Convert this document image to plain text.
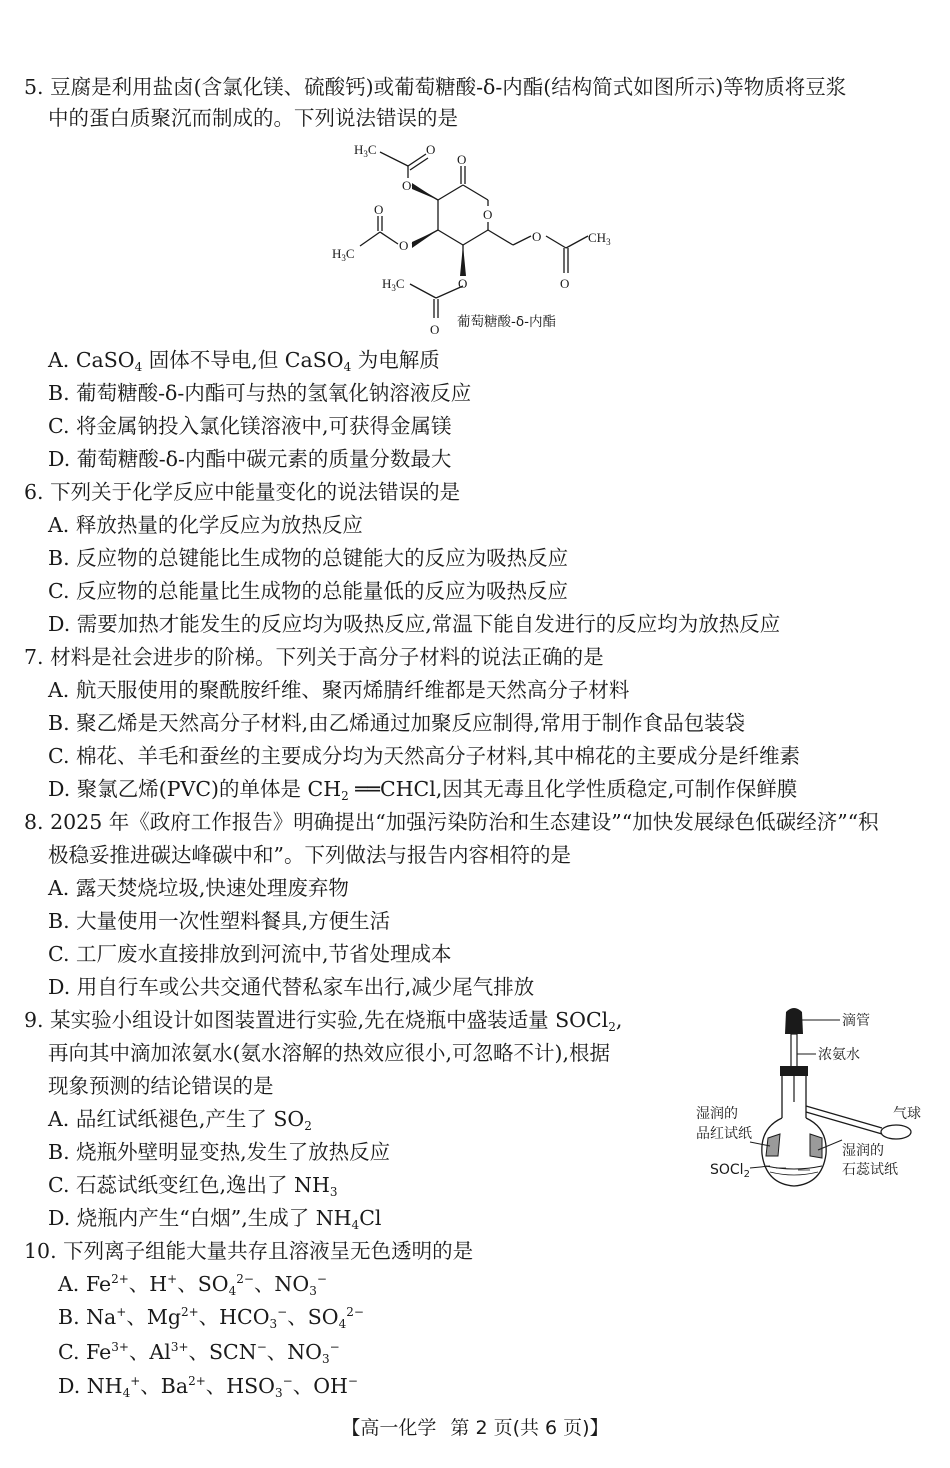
5. 豆腐是利用盐卤(含氯化镁、硫酸钙)或葡萄糖酸-δ-内酯(结构简式如图所示)等物质将豆浆
中的蛋白质聚沉而制成的。下列说法错误的是
O
O
$H_3C$	O
O
O
O
$H_3C$
O	$CH_3$
O
O
$H_3C$
O 葡萄糖酸-δ-内酯
A. CaSO$_4$ 固体不导电,但 CaSO$_4$ 为电解质
B. 葡萄糖酸-δ-内酯可与热的氢氧化钠溶液反应
C. 将金属钠投入氯化镁溶液中,可获得金属镁
D. 葡萄糖酸-δ-内酯中碳元素的质量分数最大
6. 下列关于化学反应中能量变化的说法错误的是
A. 释放热量的化学反应为放热反应
B. 反应物的总键能比生成物的总键能大的反应为吸热反应
C. 反应物的总能量比生成物的总能量低的反应为吸热反应
D. 需要加热才能发生的反应均为吸热反应,常温下能自发进行的反应均为放热反应
7. 材料是社会进步的阶梯。下列关于高分子材料的说法正确的是
A. 航天服使用的聚酰胺纤维、聚丙烯腈纤维都是天然高分子材料
B. 聚乙烯是天然高分子材料,由乙烯通过加聚反应制得,常用于制作食品包装袋
C. 棉花、羊毛和蚕丝的主要成分均为天然高分子材料,其中棉花的主要成分是纤维素
D. 聚氯乙烯(PVC)的单体是 $CH_2$ ══CHCl,因其无毒且化学性质稳定,可制作保鲜膜
8. 2025 年《政府工作报告》明确提出“加强污染防治和生态建设”“加快发展绿色低碳经济”“积
极稳妥推进碳达峰碳中和”。下列做法与报告内容相符的是
A. 露天焚烧垃圾,快速处理废弃物
B. 大量使用一次性塑料餐具,方便生活
C. 工厂废水直接排放到河流中,节省处理成本
D. 用自行车或公共交通代替私家车出行,减少尾气排放
9. 某实验小组设计如图装置进行实验,先在烧瓶中盛装适量 SOCl$_2$,
再向其中滴加浓氨水(氨水溶解的热效应很小,可忽略不计),根据
现象预测的结论错误的是
A. 品红试纸褪色,产生了 $SO_2$
B. 烧瓶外壁明显变热,发生了放热反应
C. 石蕊试纸变红色,逸出了 $NH_3$
D. 烧瓶内产生“白烟”,生成了 $NH_4Cl$
滴管
浓氨水
气球
湿润的
品红试纸
湿润的
石蕊试纸
SOCl$_2$
10. 下列离子组能大量共存且溶液呈无色透明的是
A. $Fe^{2+}$、H+、$SO_4^{2-}$、$NO_3^-$
B. Na+、$Mg^{2+}$、$HCO_3^-$、$SO_4^{2-}$
C. $Fe^{3+}$、$Al^{3+}$、SCN−、$NO_3^-$
D. $NH_4^+$、$Ba^{2+}$、$HSO_3^-$、OH−
【高一化学 第 2 页(共 6 页)】
